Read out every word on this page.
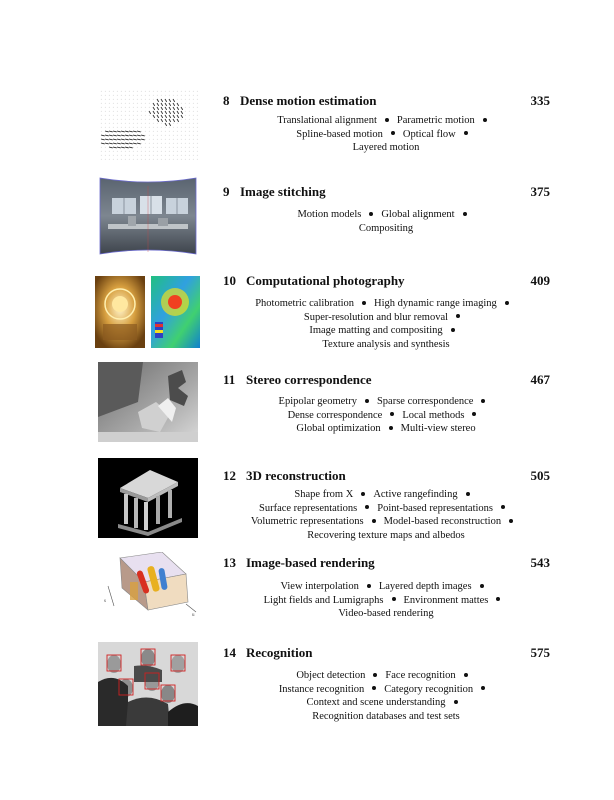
8 Dense motion estimation	335
Translational alignment Parametric motion
Spline-based motion Optical flow
Layered motion
9 Image stitching	375
Motion models Global alignment
Compositing
10 Computational photography	409
Photometric calibration High dynamic range imaging
Super-resolution and blur removal
Image matting and compositing
Texture analysis and synthesis
11 Stereo correspondence	467
Epipolar geometry Sparse correspondence
Dense correspondence Local methods
Global optimization Multi-view stereo
12 3D reconstruction	505
Shape from X Active rangefinding
Surface representations Point-based representations
Volumetric representations Model-based reconstruction
Recovering texture maps and albedos
s
u
13 Image-based rendering	543
View interpolation Layered depth images
Light fields and Lumigraphs Environment mattes
Video-based rendering
14 Recognition	575
Object detection Face recognition
Instance recognition Category recognition
Context and scene understanding
Recognition databases and test sets
